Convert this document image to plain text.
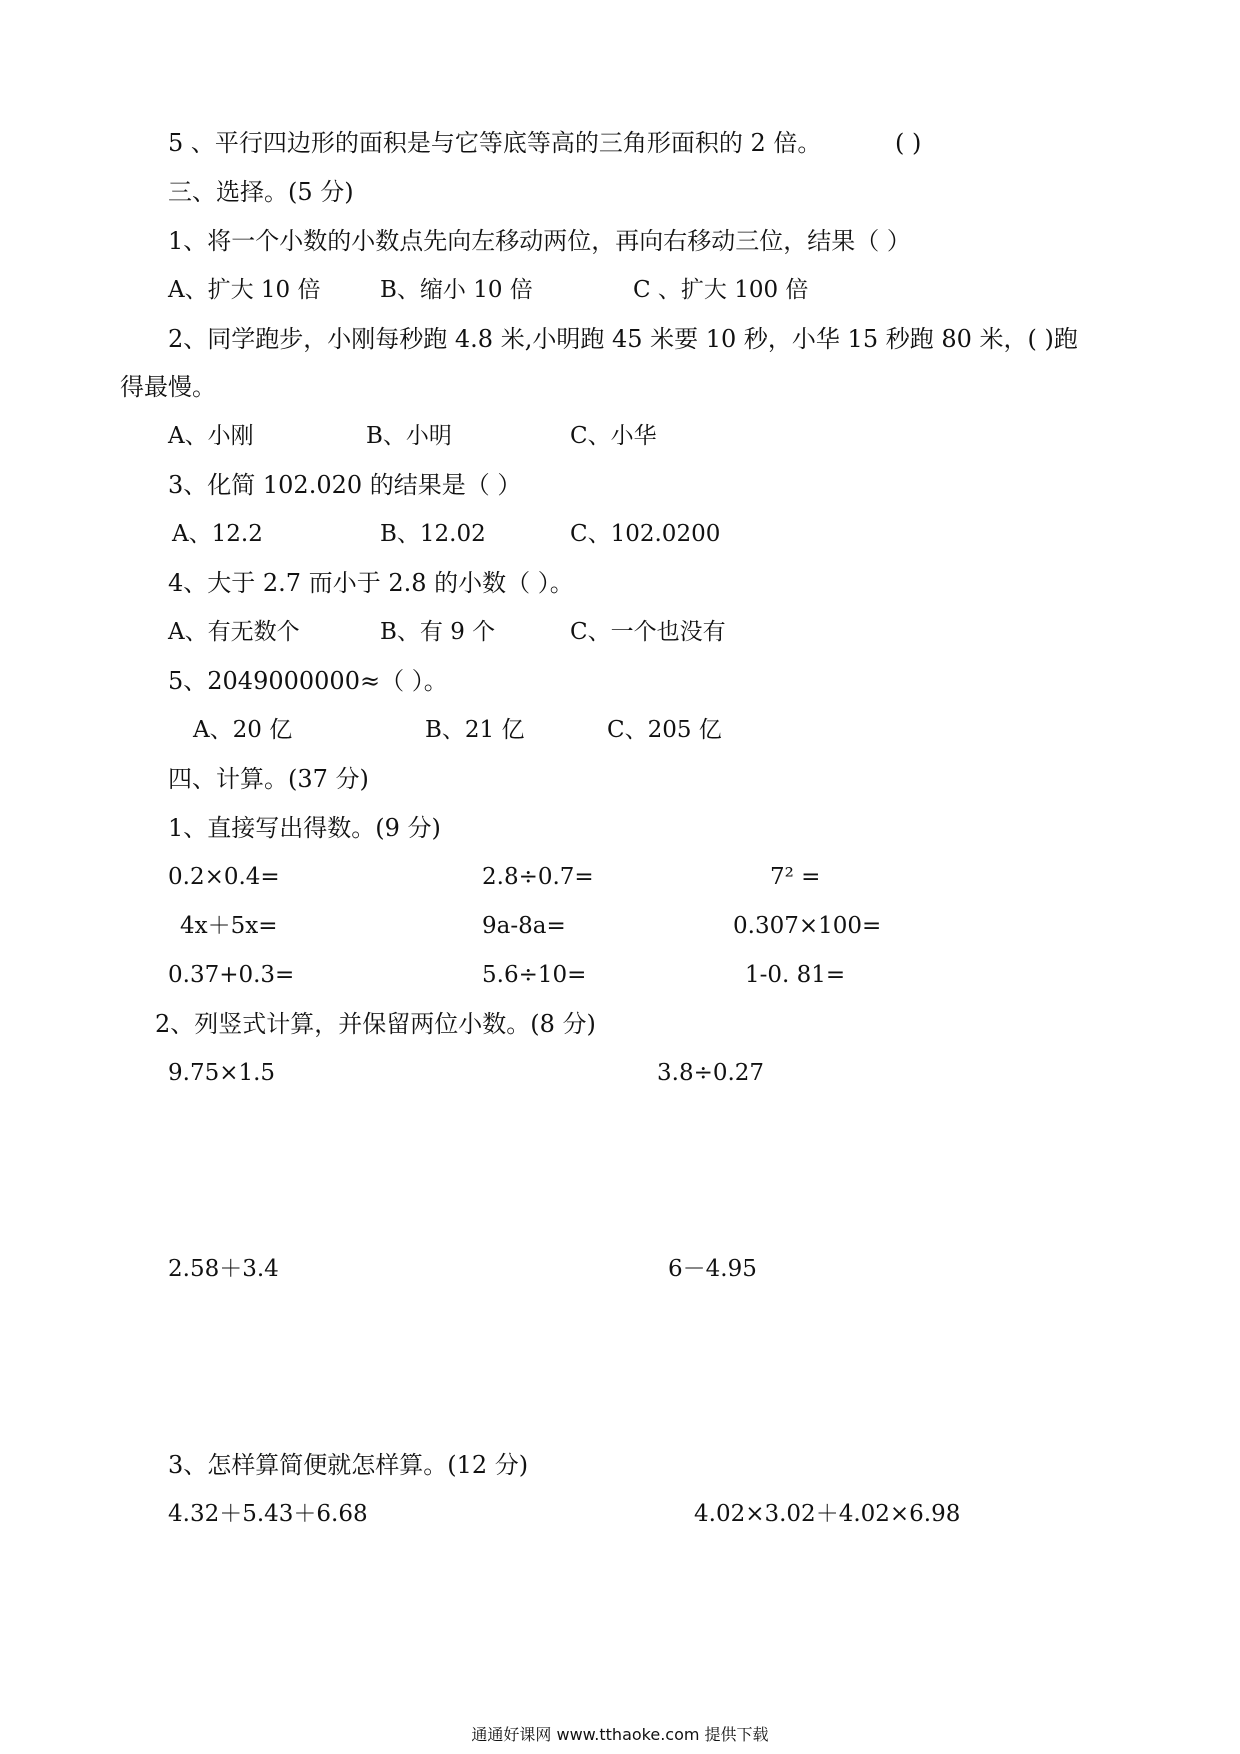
5 、平行四边形的面积是与它等底等高的三角形面积的 2 倍。	( )
三、选择。(5 分)
1、将一个小数的小数点先向左移动两位，再向右移动三位，结果（ ）
A、扩大 10 倍	B、缩小 10 倍	C 、扩大 100 倍
2、同学跑步，小刚每秒跑 4.8 米,小明跑 45 米要 10 秒，小华 15 秒跑 80 米，( )跑
得最慢。
A、小刚	B、小明	C、小华
3、化简 102.020 的结果是（ ）
A、12.2	B、12.02	C、102.0200
4、大于 2.7 而小于 2.8 的小数（ ）。
A、有无数个	B、有 9 个	C、一个也没有
5、2049000000≈（ ）。
A、20 亿	B、21 亿	C、205 亿
四、计算。(37 分)
1、直接写出得数。(9 分)
0.2×0.4=	2.8÷0.7=	7² =
4x＋5x=	9a-8a=	0.307×100=
0.37+0.3=	5.6÷10=	1-0. 81=
2、列竖式计算，并保留两位小数。(8 分)
9.75×1.5	3.8÷0.27
2.58＋3.4	6－4.95
3、怎样算简便就怎样算。(12 分)
4.32＋5.43＋6.68	4.02×3.02＋4.02×6.98
通通好课网 www.tthaoke.com 提供下载
